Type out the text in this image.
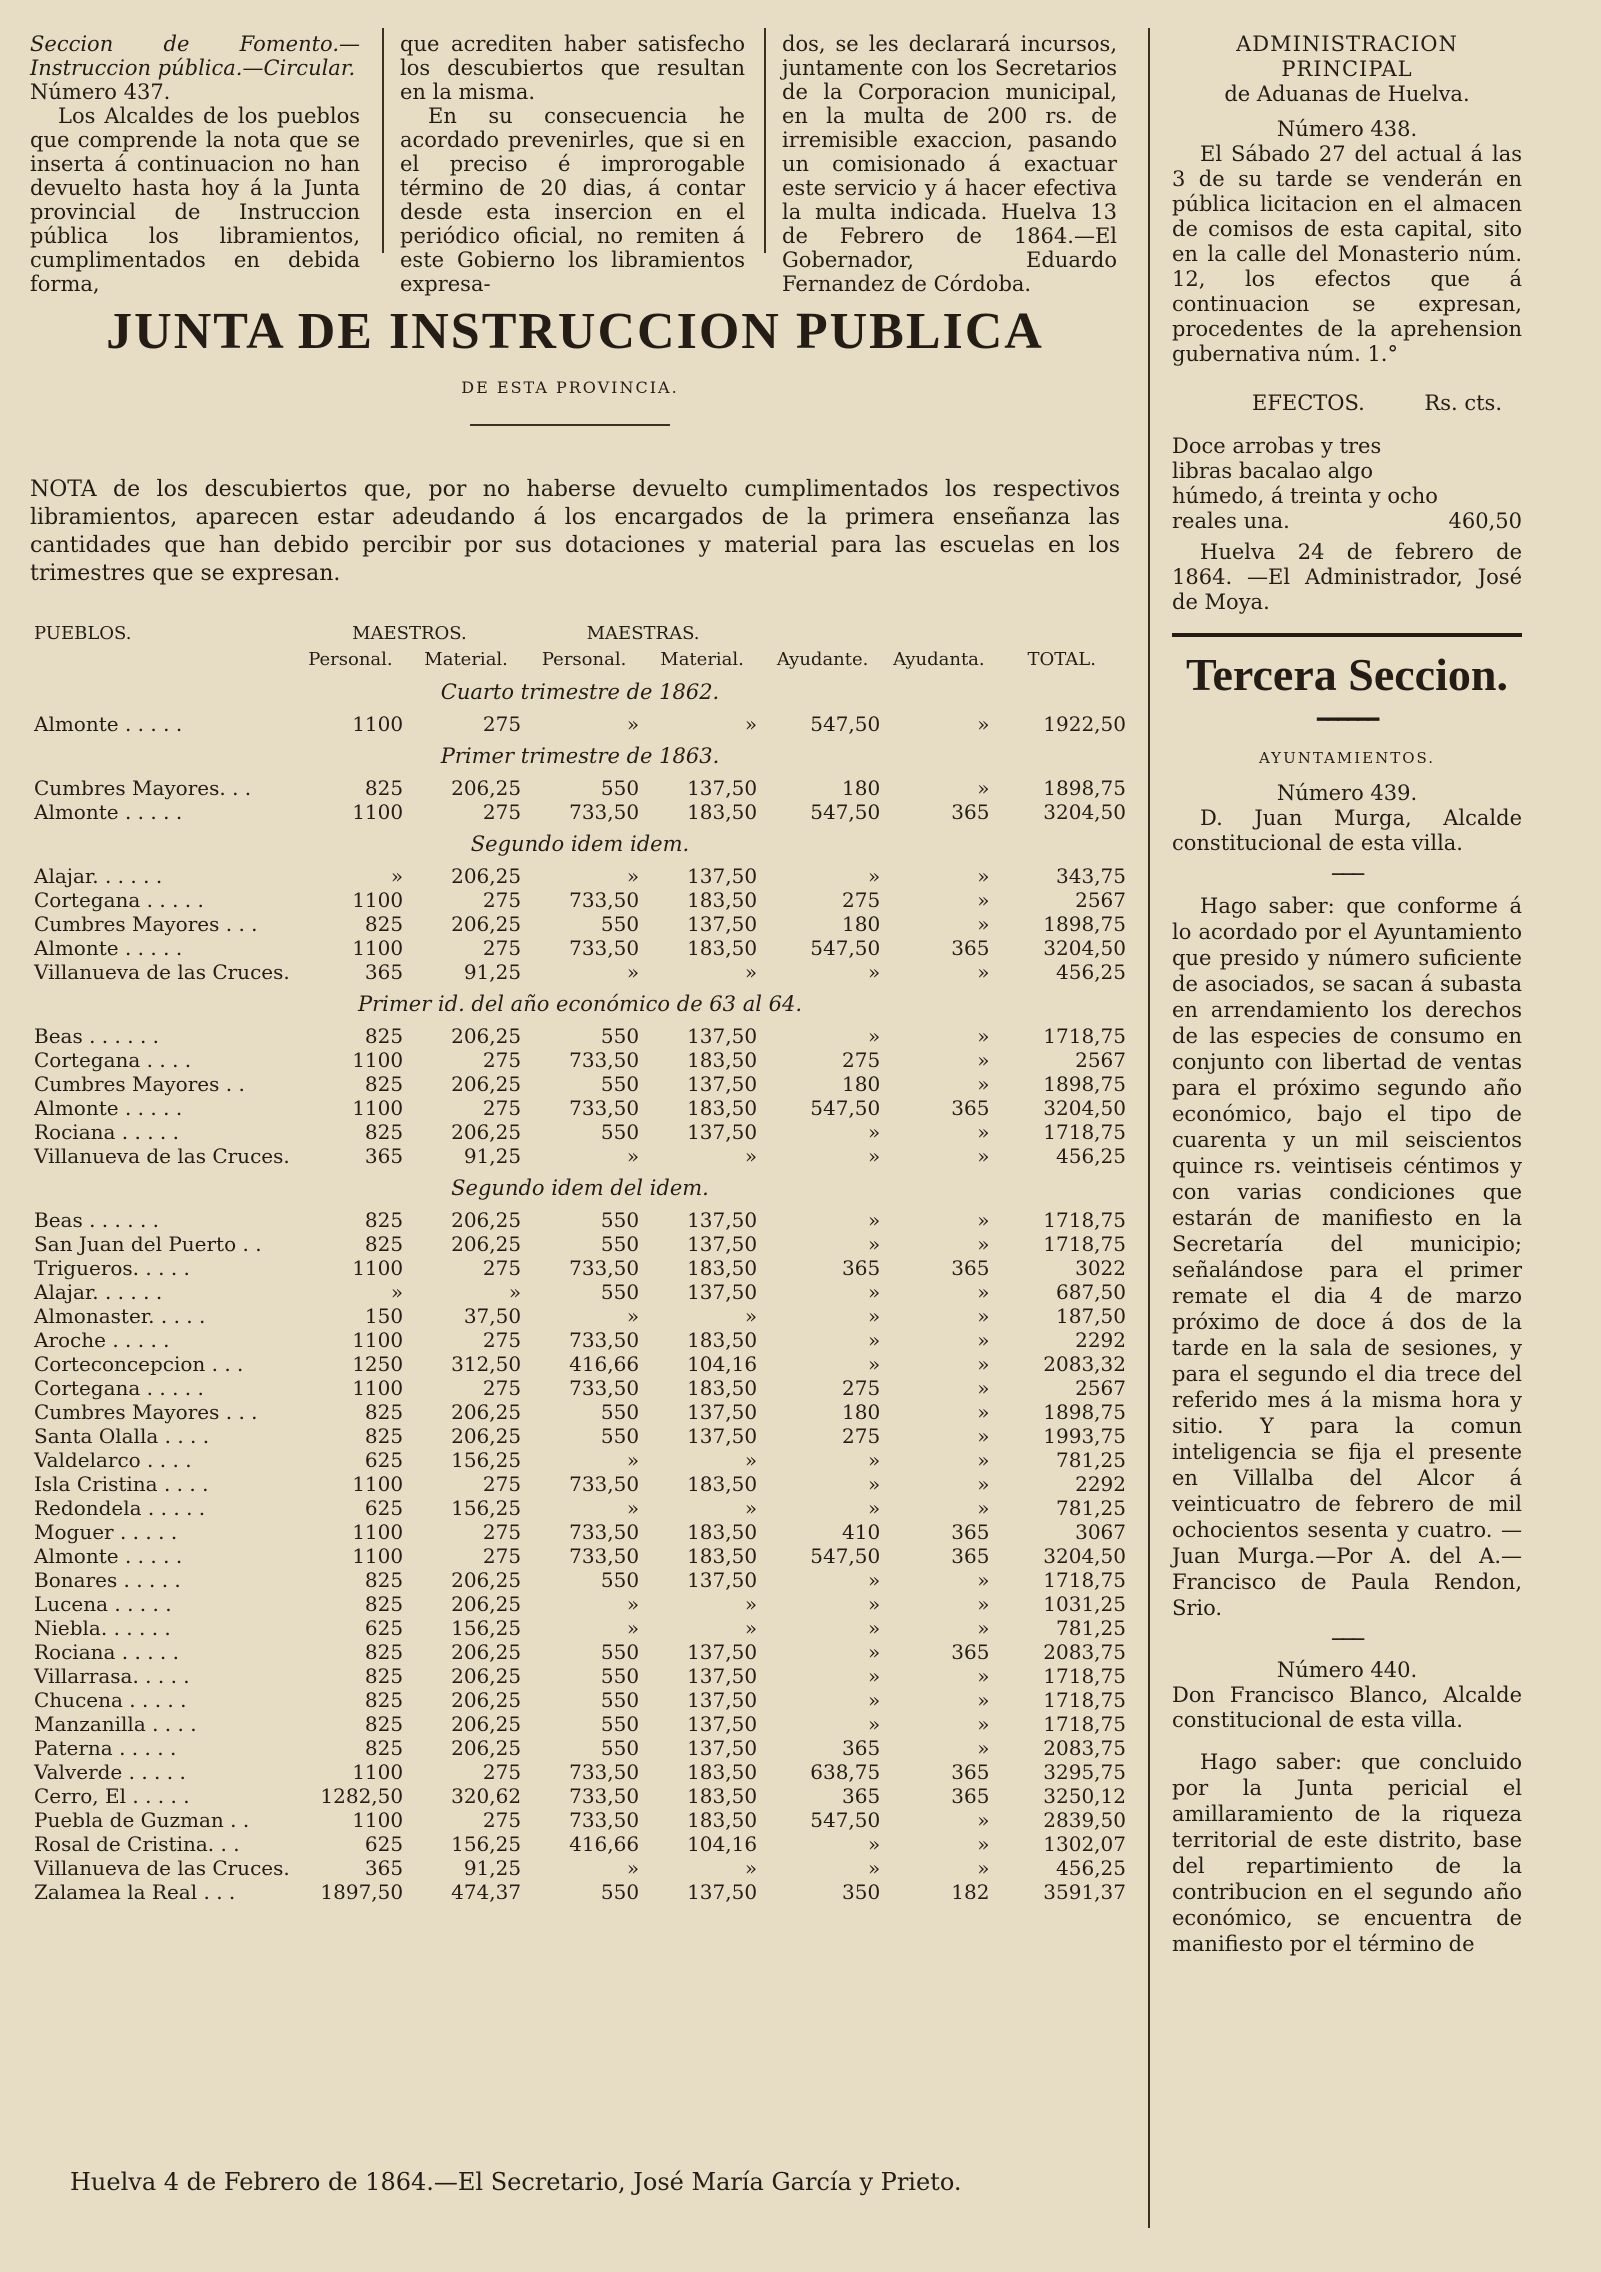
Seccion de Fomento.—Instruccion pública.—Circular.

Número 437.

Los Alcaldes de los pueblos que comprende la nota que se inserta á continuacion no han devuelto hasta hoy á la Junta provincial de Instruccion pública los libramientos, cumplimentados en debida forma,

que acrediten haber satisfecho los descubiertos que resultan en la misma.

En su consecuencia he acordado prevenirles, que si en el preciso é improrogable término de 20 dias, á contar desde esta insercion en el periódico oficial, no remiten á este Gobierno los libramientos expresa-

dos, se les declarará incursos, juntamente con los Secretarios de la Corporacion municipal, en la multa de 200 rs. de irremisible exaccion, pasando un comisionado á exactuar este servicio y á hacer efectiva la multa indicada. Huelva 13 de Febrero de 1864.—El Gobernador, Eduardo Fernandez de Córdoba.

JUNTA DE INSTRUCCION PUBLICA
DE ESTA PROVINCIA.
NOTA de los descubiertos que, por no haberse devuelto cumplimentados los respectivos libramientos, aparecen estar adeudando á los encargados de la primera enseñanza las cantidades que han debido percibir por sus dotaciones y material para las escuelas en los trimestres que se expresan.
PUEBLOS.	MAESTROS.		MAESTRAS.				
	Personal.	Material.	Personal.	Material.	Ayudante.	Ayudanta.	TOTAL.
Cuarto trimestre de 1862.							
Almonte . . . . .	1100	275	»	»	547,50	»	1922,50
Primer trimestre de 1863.							
Cumbres Mayores. . .	825	206,25	550	137,50	180	»	1898,75
Almonte . . . . .	1100	275	733,50	183,50	547,50	365	3204,50
Segundo idem idem.							
Alajar. . . . . .	»	206,25	»	137,50	»	»	343,75
Cortegana . . . . .	1100	275	733,50	183,50	275	»	2567
Cumbres Mayores . . .	825	206,25	550	137,50	180	»	1898,75
Almonte . . . . .	1100	275	733,50	183,50	547,50	365	3204,50
Villanueva de las Cruces.	365	91,25	»	»	»	»	456,25
Primer id. del año económico de 63 al 64.							
Beas . . . . . .	825	206,25	550	137,50	»	»	1718,75
Cortegana . . . .	1100	275	733,50	183,50	275	»	2567
Cumbres Mayores . .	825	206,25	550	137,50	180	»	1898,75
Almonte . . . . .	1100	275	733,50	183,50	547,50	365	3204,50
Rociana . . . . .	825	206,25	550	137,50	»	»	1718,75
Villanueva de las Cruces.	365	91,25	»	»	»	»	456,25
Segundo idem del idem.							
Beas . . . . . .	825	206,25	550	137,50	»	»	1718,75
San Juan del Puerto . .	825	206,25	550	137,50	»	»	1718,75
Trigueros. . . . .	1100	275	733,50	183,50	365	365	3022
Alajar. . . . . .	»	»	550	137,50	»	»	687,50
Almonaster. . . . .	150	37,50	»	»	»	»	187,50
Aroche . . . . .	1100	275	733,50	183,50	»	»	2292
Corteconcepcion . . .	1250	312,50	416,66	104,16	»	»	2083,32
Cortegana . . . . .	1100	275	733,50	183,50	275	»	2567
Cumbres Mayores . . .	825	206,25	550	137,50	180	»	1898,75
Santa Olalla . . . .	825	206,25	550	137,50	275	»	1993,75
Valdelarco . . . .	625	156,25	»	»	»	»	781,25
Isla Cristina . . . .	1100	275	733,50	183,50	»	»	2292
Redondela . . . . .	625	156,25	»	»	»	»	781,25
Moguer . . . . .	1100	275	733,50	183,50	410	365	3067
Almonte . . . . .	1100	275	733,50	183,50	547,50	365	3204,50
Bonares . . . . .	825	206,25	550	137,50	»	»	1718,75
Lucena . . . . .	825	206,25	»	»	»	»	1031,25
Niebla. . . . . .	625	156,25	»	»	»	»	781,25
Rociana . . . . .	825	206,25	550	137,50	»	365	2083,75
Villarrasa. . . . .	825	206,25	550	137,50	»	»	1718,75
Chucena . . . . .	825	206,25	550	137,50	»	»	1718,75
Manzanilla . . . .	825	206,25	550	137,50	»	»	1718,75
Paterna . . . . .	825	206,25	550	137,50	365	»	2083,75
Valverde . . . . .	1100	275	733,50	183,50	638,75	365	3295,75
Cerro, El . . . . .	1282,50	320,62	733,50	183,50	365	365	3250,12
Puebla de Guzman . .	1100	275	733,50	183,50	547,50	»	2839,50
Rosal de Cristina. . .	625	156,25	416,66	104,16	»	»	1302,07
Villanueva de las Cruces.	365	91,25	»	»	»	»	456,25
Zalamea la Real . . .	1897,50	474,37	550	137,50	350	182	3591,37
Huelva 4 de Febrero de 1864.—El Secretario, José María García y Prieto.

ADMINISTRACION PRINCIPAL

de Aduanas de Huelva.

Número 438.

El Sábado 27 del actual á las 3 de su tarde se venderán en pública licitacion en el almacen de comisos de esta capital, sito en la calle del Monasterio núm. 12, los efectos que á continuacion se expresan, procedentes de la aprehension gubernativa núm. 1.°

EFECTOS.	Rs. cts.
Doce arrobas y tres libras bacalao algo húmedo, á treinta y ocho reales una.	460,50

Huelva 24 de febrero de 1864. —El Administrador, José de Moya.

Tercera Seccion.
━━━━━━
AYUNTAMIENTOS.

Número 439.

D. Juan Murga, Alcalde constitucional de esta villa.

───

Hago saber: que conforme á lo acordado por el Ayuntamiento que presido y número suficiente de asociados, se sacan á subasta en arrendamiento los derechos de las especies de consumo en conjunto con libertad de ventas para el próximo segundo año económico, bajo el tipo de cuarenta y un mil seiscientos quince rs. veintiseis céntimos y con varias condiciones que estarán de manifiesto en la Secretaría del municipio; señalándose para el primer remate el dia 4 de marzo próximo de doce á dos de la tarde en la sala de sesiones, y para el segundo el dia trece del referido mes á la misma hora y sitio. Y para la comun inteligencia se fija el presente en Villalba del Alcor á veinticuatro de febrero de mil ochocientos sesenta y cuatro. —Juan Murga.—Por A. del A.—Francisco de Paula Rendon, Srio.

───

Número 440.

Don Francisco Blanco, Alcalde constitucional de esta villa.

Hago saber: que concluido por la Junta pericial el amillaramiento de la riqueza territorial de este distrito, base del repartimiento de la contribucion en el segundo año económico, se encuentra de manifiesto por el término de
